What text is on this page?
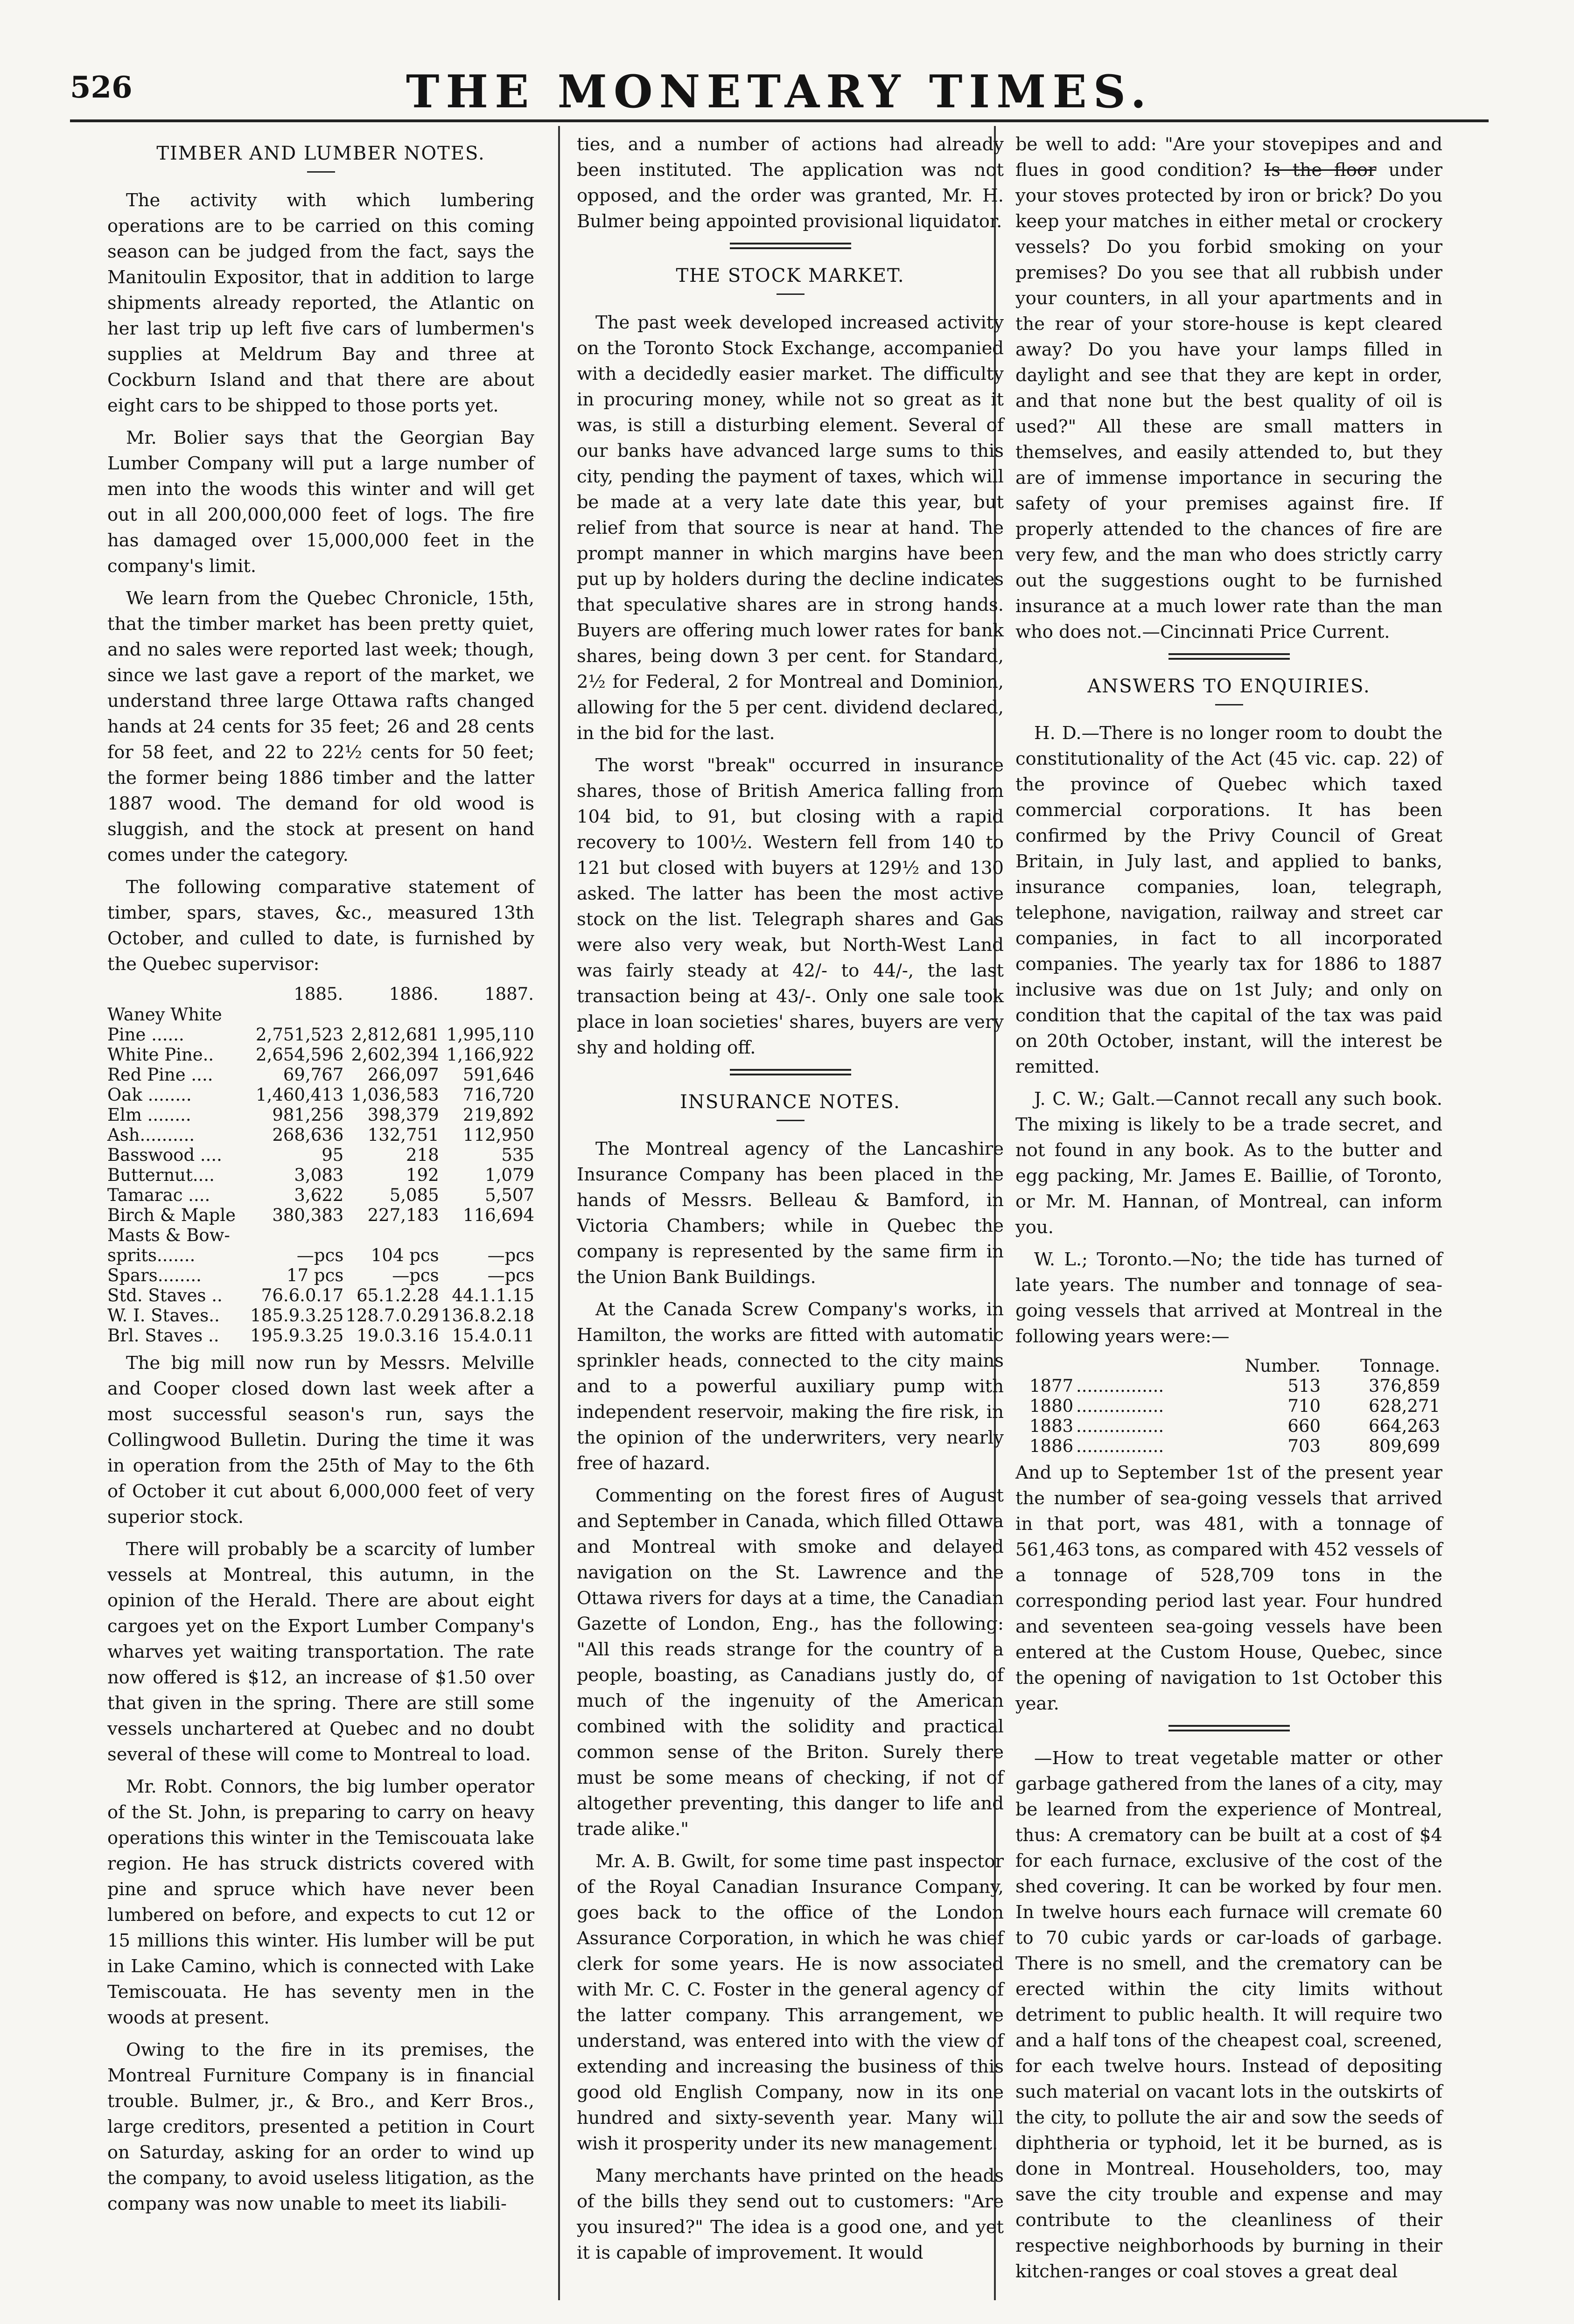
526	THE MONETARY TIMES.
TIMBER AND LUMBER NOTES.

The activity with which lumbering operations are to be carried on this coming season can be judged from the fact, says the Manitoulin Expositor, that in addition to large shipments already reported, the Atlantic on her last trip up left five cars of lumbermen's supplies at Meldrum Bay and three at Cockburn Island and that there are about eight cars to be shipped to those ports yet.

Mr. Bolier says that the Georgian Bay Lumber Company will put a large number of men into the woods this winter and will get out in all 200,000,000 feet of logs. The fire has damaged over 15,000,000 feet in the company's limit.

We learn from the Quebec Chronicle, 15th, that the timber market has been pretty quiet, and no sales were reported last week; though, since we last gave a report of the market, we understand three large Ottawa rafts changed hands at 24 cents for 35 feet; 26 and 28 cents for 58 feet, and 22 to 22½ cents for 50 feet; the former being 1886 timber and the latter 1887 wood. The demand for old wood is sluggish, and the stock at present on hand comes under the category.

The following comparative statement of timber, spars, staves, &c., measured 13th October, and culled to date, is furnished by the Quebec supervisor:

	1885.	1886.	1887.
Waney White			
Pine ......	2,751,523	2,812,681	1,995,110
White Pine..	2,654,596	2,602,394	1,166,922
Red Pine ....	69,767	266,097	591,646
Oak ........	1,460,413	1,036,583	716,720
Elm ........	981,256	398,379	219,892
Ash..........	268,636	132,751	112,950
Basswood ....	95	218	535
Butternut....	3,083	192	1,079
Tamarac ....	3,622	5,085	5,507
Birch & Maple	380,383	227,183	116,694
Masts & Bow-			
sprits.......	—pcs	104 pcs	—pcs
Spars........	17 pcs	—pcs	—pcs
Std. Staves ..	76.6.0.17	65.1.2.28	44.1.1.15
W. I. Staves..	185.9.3.25	128.7.0.29	136.8.2.18
Brl. Staves ..	195.9.3.25	19.0.3.16	15.4.0.11

The big mill now run by Messrs. Melville and Cooper closed down last week after a most successful season's run, says the Collingwood Bulletin. During the time it was in operation from the 25th of May to the 6th of October it cut about 6,000,000 feet of very superior stock.

There will probably be a scarcity of lumber vessels at Montreal, this autumn, in the opinion of the Herald. There are about eight cargoes yet on the Export Lumber Company's wharves yet waiting transportation. The rate now offered is $12, an increase of $1.50 over that given in the spring. There are still some vessels unchartered at Quebec and no doubt several of these will come to Montreal to load.

Mr. Robt. Connors, the big lumber operator of the St. John, is preparing to carry on heavy operations this winter in the Temiscouata lake region. He has struck districts covered with pine and spruce which have never been lumbered on before, and expects to cut 12 or 15 millions this winter. His lumber will be put in Lake Camino, which is connected with Lake Temiscouata. He has seventy men in the woods at present.

Owing to the fire in its premises, the Montreal Furniture Company is in financial trouble. Bulmer, jr., & Bro., and Kerr Bros., large creditors, presented a petition in Court on Saturday, asking for an order to wind up the company, to avoid useless litigation, as the company was now unable to meet its liabili-

ties, and a number of actions had already been instituted. The application was not opposed, and the order was granted, Mr. H. Bulmer being appointed provisional liquidator.

THE STOCK MARKET.

The past week developed increased activity on the Toronto Stock Exchange, accompanied with a decidedly easier market. The difficulty in procuring money, while not so great as it was, is still a disturbing element. Several of our banks have advanced large sums to this city, pending the payment of taxes, which will be made at a very late date this year, but relief from that source is near at hand. The prompt manner in which margins have been put up by holders during the decline indicates that speculative shares are in strong hands. Buyers are offering much lower rates for bank shares, being down 3 per cent. for Standard, 2½ for Federal, 2 for Montreal and Dominion, allowing for the 5 per cent. dividend declared, in the bid for the last.

The worst "break" occurred in insurance shares, those of British America falling from 104 bid, to 91, but closing with a rapid recovery to 100½. Western fell from 140 to 121 but closed with buyers at 129½ and 130 asked. The latter has been the most active stock on the list. Telegraph shares and Gas were also very weak, but North-West Land was fairly steady at 42/- to 44/-, the last transaction being at 43/-. Only one sale took place in loan societies' shares, buyers are very shy and holding off.

INSURANCE NOTES.

The Montreal agency of the Lancashire Insurance Company has been placed in the hands of Messrs. Belleau & Bamford, in Victoria Chambers; while in Quebec the company is represented by the same firm in the Union Bank Buildings.

At the Canada Screw Company's works, in Hamilton, the works are fitted with automatic sprinkler heads, connected to the city mains and to a powerful auxiliary pump with independent reservoir, making the fire risk, in the opinion of the underwriters, very nearly free of hazard.

Commenting on the forest fires of August and September in Canada, which filled Ottawa and Montreal with smoke and delayed navigation on the St. Lawrence and the Ottawa rivers for days at a time, the Canadian Gazette of London, Eng., has the following: "All this reads strange for the country of a people, boasting, as Canadians justly do, of much of the ingenuity of the American combined with the solidity and practical common sense of the Briton. Surely there must be some means of checking, if not of altogether preventing, this danger to life and trade alike."

Mr. A. B. Gwilt, for some time past inspector of the Royal Canadian Insurance Company, goes back to the office of the London Assurance Corporation, in which he was chief clerk for some years. He is now associated with Mr. C. C. Foster in the general agency of the latter company. This arrangement, we understand, was entered into with the view of extending and increasing the business of this good old English Company, now in its one hundred and sixty-seventh year. Many will wish it prosperity under its new management.

Many merchants have printed on the heads of the bills they send out to customers: "Are you insured?" The idea is a good one, and yet it is capable of improvement. It would

be well to add: "Are your stovepipes and and flues in good condition? Is the floor under your stoves protected by iron or brick? Do you keep your matches in either metal or crockery vessels? Do you forbid smoking on your premises? Do you see that all rubbish under your counters, in all your apartments and in the rear of your store-house is kept cleared away? Do you have your lamps filled in daylight and see that they are kept in order, and that none but the best quality of oil is used?" All these are small matters in themselves, and easily attended to, but they are of immense importance in securing the safety of your premises against fire. If properly attended to the chances of fire are very few, and the man who does strictly carry out the suggestions ought to be furnished insurance at a much lower rate than the man who does not.—Cincinnati Price Current.

ANSWERS TO ENQUIRIES.

H. D.—There is no longer room to doubt the constitutionality of the Act (45 vic. cap. 22) of the province of Quebec which taxed commercial corporations. It has been confirmed by the Privy Council of Great Britain, in July last, and applied to banks, insurance companies, loan, telegraph, telephone, navigation, railway and street car companies, in fact to all incorporated companies. The yearly tax for 1886 to 1887 inclusive was due on 1st July; and only on condition that the capital of the tax was paid on 20th October, instant, will the interest be remitted.

J. C. W.; Galt.—Cannot recall any such book. The mixing is likely to be a trade secret, and not found in any book. As to the butter and egg packing, Mr. James E. Baillie, of Toronto, or Mr. M. Hannan, of Montreal, can inform you.

W. L.; Toronto.—No; the tide has turned of late years. The number and tonnage of sea-going vessels that arrived at Montreal in the following years were:—

		Number.	Tonnage.
1877	................	513	376,859
1880	................	710	628,271
1883	................	660	664,263
1886	................	703	809,699

And up to September 1st of the present year the number of sea-going vessels that arrived in that port, was 481, with a tonnage of 561,463 tons, as compared with 452 vessels of a tonnage of 528,709 tons in the corresponding period last year. Four hundred and seventeen sea-going vessels have been entered at the Custom House, Quebec, since the opening of navigation to 1st October this year.

—How to treat vegetable matter or other garbage gathered from the lanes of a city, may be learned from the experience of Montreal, thus: A crematory can be built at a cost of $4 for each furnace, exclusive of the cost of the shed covering. It can be worked by four men. In twelve hours each furnace will cremate 60 to 70 cubic yards or car-loads of garbage. There is no smell, and the crematory can be erected within the city limits without detriment to public health. It will require two and a half tons of the cheapest coal, screened, for each twelve hours. Instead of depositing such material on vacant lots in the outskirts of the city, to pollute the air and sow the seeds of diphtheria or typhoid, let it be burned, as is done in Montreal. Householders, too, may save the city trouble and expense and may contribute to the cleanliness of their respective neighborhoods by burning in their kitchen-ranges or coal stoves a great deal
